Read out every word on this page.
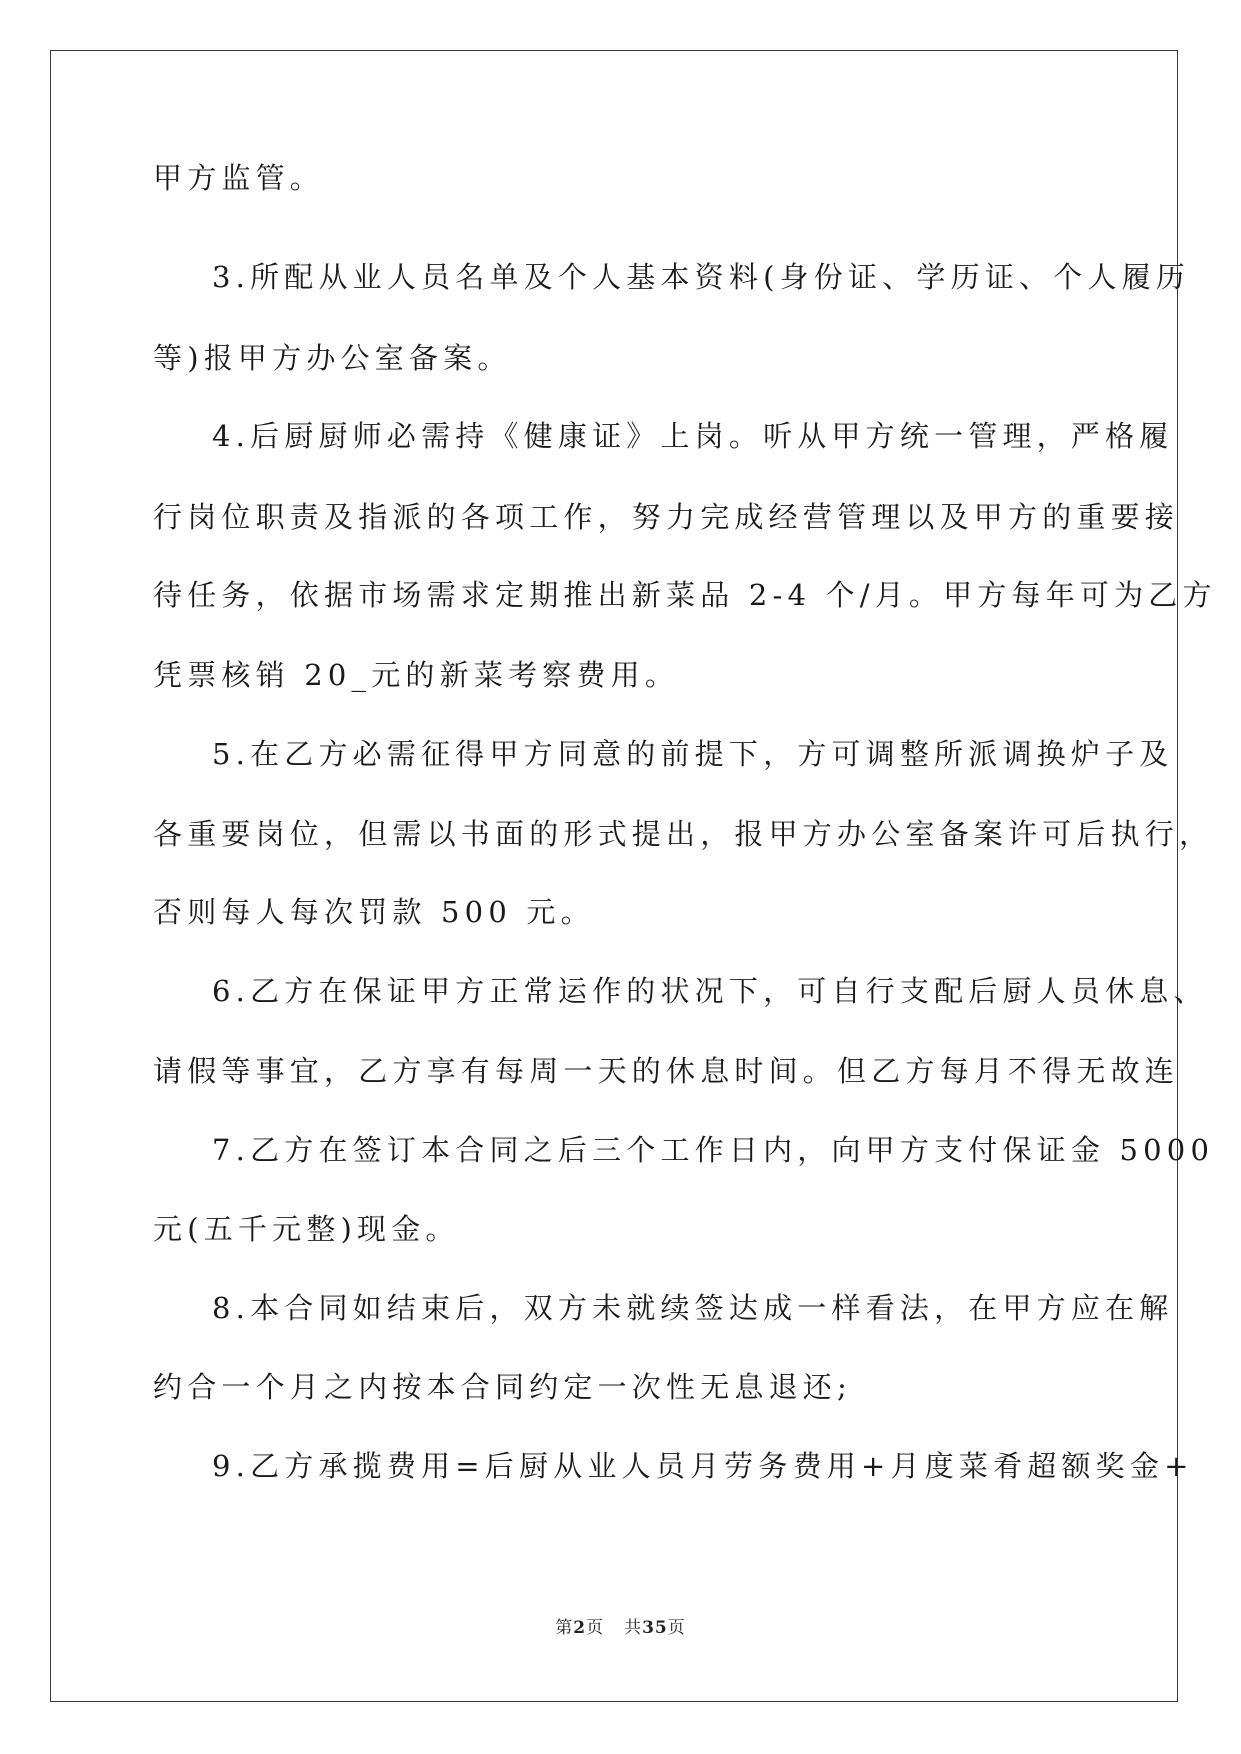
甲方监管。
3.所配从业人员名单及个人基本资料(身份证、学历证、个人履历
等)报甲方办公室备案。
4.后厨厨师必需持《健康证》上岗。听从甲方统一管理，严格履
行岗位职责及指派的各项工作，努力完成经营管理以及甲方的重要接
待任务，依据市场需求定期推出新菜品 2-4 个/月。甲方每年可为乙方
凭票核销 20_元的新菜考察费用。
5.在乙方必需征得甲方同意的前提下，方可调整所派调换炉子及
各重要岗位，但需以书面的形式提出，报甲方办公室备案许可后执行，
否则每人每次罚款 500 元。
6.乙方在保证甲方正常运作的状况下，可自行支配后厨人员休息、
请假等事宜，乙方享有每周一天的休息时间。但乙方每月不得无故连
7.乙方在签订本合同之后三个工作日内，向甲方支付保证金 5000
元(五千元整)现金。
8.本合同如结束后，双方未就续签达成一样看法，在甲方应在解
约合一个月之内按本合同约定一次性无息退还;
9.乙方承揽费用=后厨从业人员月劳务费用+月度菜肴超额奖金+
第2页 共35页
